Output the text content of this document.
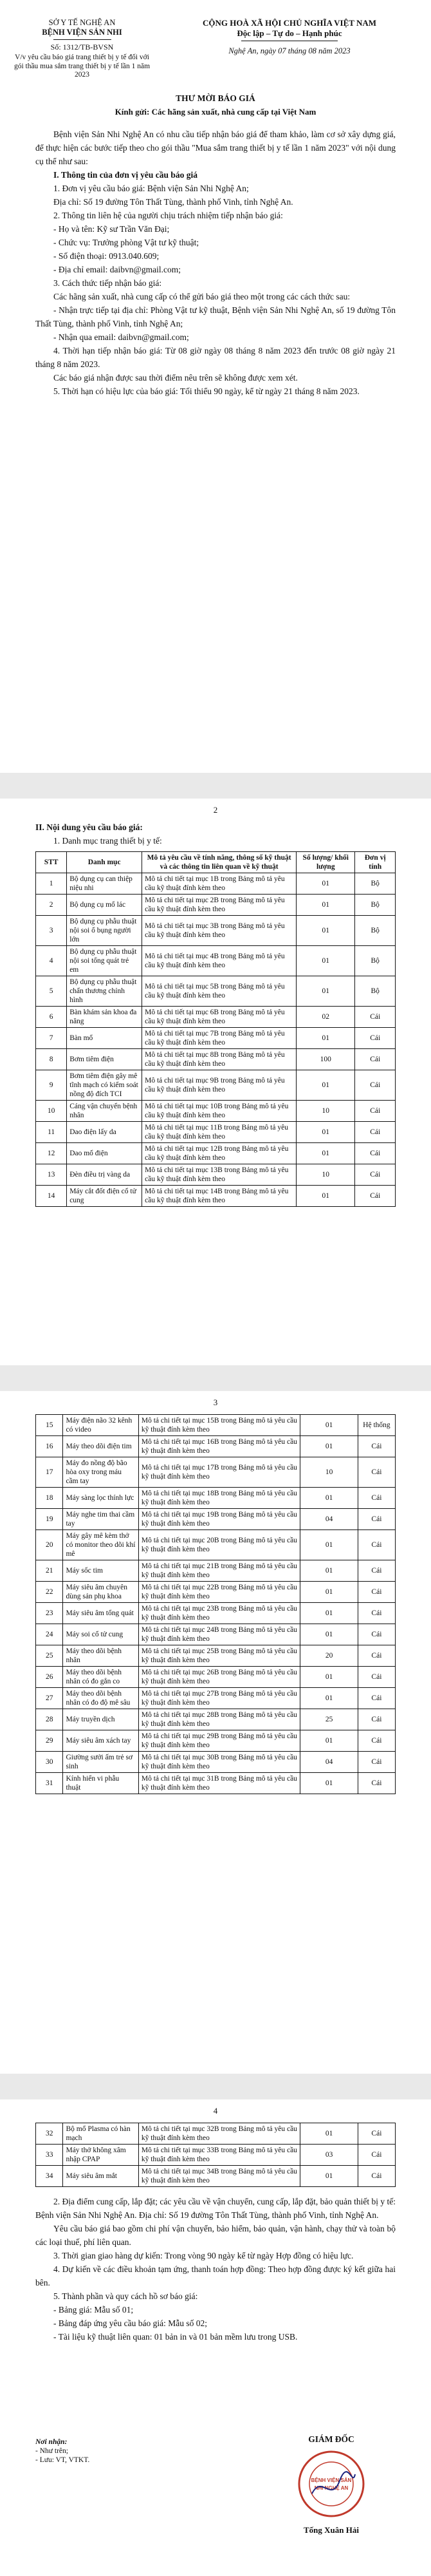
SỞ Y TẾ NGHỆ AN
BỆNH VIỆN SẢN NHI
Số: 1312/TB-BVSN
V/v yêu cầu báo giá trang thiết bị y tế đối với gói thầu mua sắm trang thiết bị y tế lần 1 năm 2023
CỘNG HOÀ XÃ HỘI CHỦ NGHĨA VIỆT NAM
Độc lập – Tự do – Hạnh phúc
Nghệ An, ngày 07 tháng 08 năm 2023
THƯ MỜI BÁO GIÁ
Kính gửi: Các hãng sản xuất, nhà cung cấp tại Việt Nam

Bệnh viện Sản Nhi Nghệ An có nhu cầu tiếp nhận báo giá để tham khảo, làm cơ sở xây dựng giá, để thực hiện các bước tiếp theo cho gói thầu "Mua sắm trang thiết bị y tế lần 1 năm 2023" với nội dung cụ thể như sau:

I. Thông tin của đơn vị yêu cầu báo giá

1. Đơn vị yêu cầu báo giá: Bệnh viện Sản Nhi Nghệ An;

Địa chỉ: Số 19 đường Tôn Thất Tùng, thành phố Vinh, tỉnh Nghệ An.

2. Thông tin liên hệ của người chịu trách nhiệm tiếp nhận báo giá:

- Họ và tên: Kỹ sư Trần Văn Đại;

- Chức vụ: Trưởng phòng Vật tư kỹ thuật;

- Số điện thoại: 0913.040.609;

- Địa chỉ email: daibvn@gmail.com;

3. Cách thức tiếp nhận báo giá:

Các hãng sản xuất, nhà cung cấp có thể gửi báo giá theo một trong các cách thức sau:

- Nhận trực tiếp tại địa chỉ: Phòng Vật tư kỹ thuật, Bệnh viện Sản Nhi Nghệ An, số 19 đường Tôn Thất Tùng, thành phố Vinh, tỉnh Nghệ An;

- Nhận qua email: daibvn@gmail.com;

4. Thời hạn tiếp nhận báo giá: Từ 08 giờ ngày 08 tháng 8 năm 2023 đến trước 08 giờ ngày 21 tháng 8 năm 2023.

Các báo giá nhận được sau thời điểm nêu trên sẽ không được xem xét.

5. Thời hạn có hiệu lực của báo giá: Tối thiểu 90 ngày, kể từ ngày 21 tháng 8 năm 2023.

2

II. Nội dung yêu cầu báo giá:

1. Danh mục trang thiết bị y tế:

STT	Danh mục	Mô tả yêu cầu về tính năng, thông số kỹ thuật và các thông tin liên quan về kỹ thuật	Số lượng/ khối lượng	Đơn vị tính
1	Bộ dụng cụ can thiệp niệu nhi	Mô tả chi tiết tại mục 1B trong Bảng mô tả yêu cầu kỹ thuật đính kèm theo	01	Bộ
2	Bộ dụng cụ mổ lác	Mô tả chi tiết tại mục 2B trong Bảng mô tả yêu cầu kỹ thuật đính kèm theo	01	Bộ
3	Bộ dụng cụ phẫu thuật nội soi ổ bụng người lớn	Mô tả chi tiết tại mục 3B trong Bảng mô tả yêu cầu kỹ thuật đính kèm theo	01	Bộ
4	Bộ dụng cụ phẫu thuật nội soi tổng quát trẻ em	Mô tả chi tiết tại mục 4B trong Bảng mô tả yêu cầu kỹ thuật đính kèm theo	01	Bộ
5	Bộ dụng cụ phẫu thuật chấn thương chỉnh hình	Mô tả chi tiết tại mục 5B trong Bảng mô tả yêu cầu kỹ thuật đính kèm theo	01	Bộ
6	Bàn khám sản khoa đa năng	Mô tả chi tiết tại mục 6B trong Bảng mô tả yêu cầu kỹ thuật đính kèm theo	02	Cái
7	Bàn mổ	Mô tả chi tiết tại mục 7B trong Bảng mô tả yêu cầu kỹ thuật đính kèm theo	01	Cái
8	Bơm tiêm điện	Mô tả chi tiết tại mục 8B trong Bảng mô tả yêu cầu kỹ thuật đính kèm theo	100	Cái
9	Bơm tiêm điện gây mê tĩnh mạch có kiểm soát nồng độ đích TCI	Mô tả chi tiết tại mục 9B trong Bảng mô tả yêu cầu kỹ thuật đính kèm theo	01	Cái
10	Cáng vận chuyển bệnh nhân	Mô tả chi tiết tại mục 10B trong Bảng mô tả yêu cầu kỹ thuật đính kèm theo	10	Cái
11	Dao điện lấy da	Mô tả chi tiết tại mục 11B trong Bảng mô tả yêu cầu kỹ thuật đính kèm theo	01	Cái
12	Dao mổ điện	Mô tả chi tiết tại mục 12B trong Bảng mô tả yêu cầu kỹ thuật đính kèm theo	01	Cái
13	Đèn điều trị vàng da	Mô tả chi tiết tại mục 13B trong Bảng mô tả yêu cầu kỹ thuật đính kèm theo	10	Cái
14	Máy cắt đốt điện cổ tử cung	Mô tả chi tiết tại mục 14B trong Bảng mô tả yêu cầu kỹ thuật đính kèm theo	01	Cái
3
15	Máy điện não 32 kênh có video	Mô tả chi tiết tại mục 15B trong Bảng mô tả yêu cầu kỹ thuật đính kèm theo	01	Hệ thống
16	Máy theo dõi điện tim	Mô tả chi tiết tại mục 16B trong Bảng mô tả yêu cầu kỹ thuật đính kèm theo	01	Cái
17	Máy đo nồng độ bão hòa oxy trong máu cầm tay	Mô tả chi tiết tại mục 17B trong Bảng mô tả yêu cầu kỹ thuật đính kèm theo	10	Cái
18	Máy sàng lọc thính lực	Mô tả chi tiết tại mục 18B trong Bảng mô tả yêu cầu kỹ thuật đính kèm theo	01	Cái
19	Máy nghe tim thai cầm tay	Mô tả chi tiết tại mục 19B trong Bảng mô tả yêu cầu kỹ thuật đính kèm theo	04	Cái
20	Máy gây mê kèm thở có monitor theo dõi khí mê	Mô tả chi tiết tại mục 20B trong Bảng mô tả yêu cầu kỹ thuật đính kèm theo	01	Cái
21	Máy sốc tim	Mô tả chi tiết tại mục 21B trong Bảng mô tả yêu cầu kỹ thuật đính kèm theo	01	Cái
22	Máy siêu âm chuyên dùng sản phụ khoa	Mô tả chi tiết tại mục 22B trong Bảng mô tả yêu cầu kỹ thuật đính kèm theo	01	Cái
23	Máy siêu âm tổng quát	Mô tả chi tiết tại mục 23B trong Bảng mô tả yêu cầu kỹ thuật đính kèm theo	01	Cái
24	Máy soi cổ tử cung	Mô tả chi tiết tại mục 24B trong Bảng mô tả yêu cầu kỹ thuật đính kèm theo	01	Cái
25	Máy theo dõi bệnh nhân	Mô tả chi tiết tại mục 25B trong Bảng mô tả yêu cầu kỹ thuật đính kèm theo	20	Cái
26	Máy theo dõi bệnh nhân có đo gắn co	Mô tả chi tiết tại mục 26B trong Bảng mô tả yêu cầu kỹ thuật đính kèm theo	01	Cái
27	Máy theo dõi bệnh nhân có đo độ mê sâu	Mô tả chi tiết tại mục 27B trong Bảng mô tả yêu cầu kỹ thuật đính kèm theo	01	Cái
28	Máy truyền dịch	Mô tả chi tiết tại mục 28B trong Bảng mô tả yêu cầu kỹ thuật đính kèm theo	25	Cái
29	Máy siêu âm xách tay	Mô tả chi tiết tại mục 29B trong Bảng mô tả yêu cầu kỹ thuật đính kèm theo	01	Cái
30	Giường sưởi ấm trẻ sơ sinh	Mô tả chi tiết tại mục 30B trong Bảng mô tả yêu cầu kỹ thuật đính kèm theo	04	Cái
31	Kính hiển vi phẫu thuật	Mô tả chi tiết tại mục 31B trong Bảng mô tả yêu cầu kỹ thuật đính kèm theo	01	Cái
4
32	Bộ mổ Plasma có hàn mạch	Mô tả chi tiết tại mục 32B trong Bảng mô tả yêu cầu kỹ thuật đính kèm theo	01	Cái
33	Máy thở không xâm nhập CPAP	Mô tả chi tiết tại mục 33B trong Bảng mô tả yêu cầu kỹ thuật đính kèm theo	03	Cái
34	Máy siêu âm mắt	Mô tả chi tiết tại mục 34B trong Bảng mô tả yêu cầu kỹ thuật đính kèm theo	01	Cái

2. Địa điểm cung cấp, lắp đặt; các yêu cầu về vận chuyển, cung cấp, lắp đặt, bảo quản thiết bị y tế: Bệnh viện Sản Nhi Nghệ An. Địa chỉ: Số 19 đường Tôn Thất Tùng, thành phố Vinh, tỉnh Nghệ An.

Yêu cầu báo giá bao gồm chi phí vận chuyển, bảo hiểm, bảo quản, vận hành, chạy thử và toàn bộ các loại thuế, phí liên quan.

3. Thời gian giao hàng dự kiến: Trong vòng 90 ngày kể từ ngày Hợp đồng có hiệu lực.

4. Dự kiến về các điều khoản tạm ứng, thanh toán hợp đồng: Theo hợp đồng được ký kết giữa hai bên.

5. Thành phần và quy cách hồ sơ báo giá:

- Bảng giá: Mẫu số 01;

- Bảng đáp ứng yêu cầu báo giá: Mẫu số 02;

- Tài liệu kỹ thuật liên quan: 01 bản in và 01 bản mềm lưu trong USB.

Nơi nhận:
- Như trên;
- Lưu: VT, VTKT.
GIÁM ĐỐC
BỆNH VIỆN SẢN
NHI NGHỆ AN
Tống Xuân Hải
